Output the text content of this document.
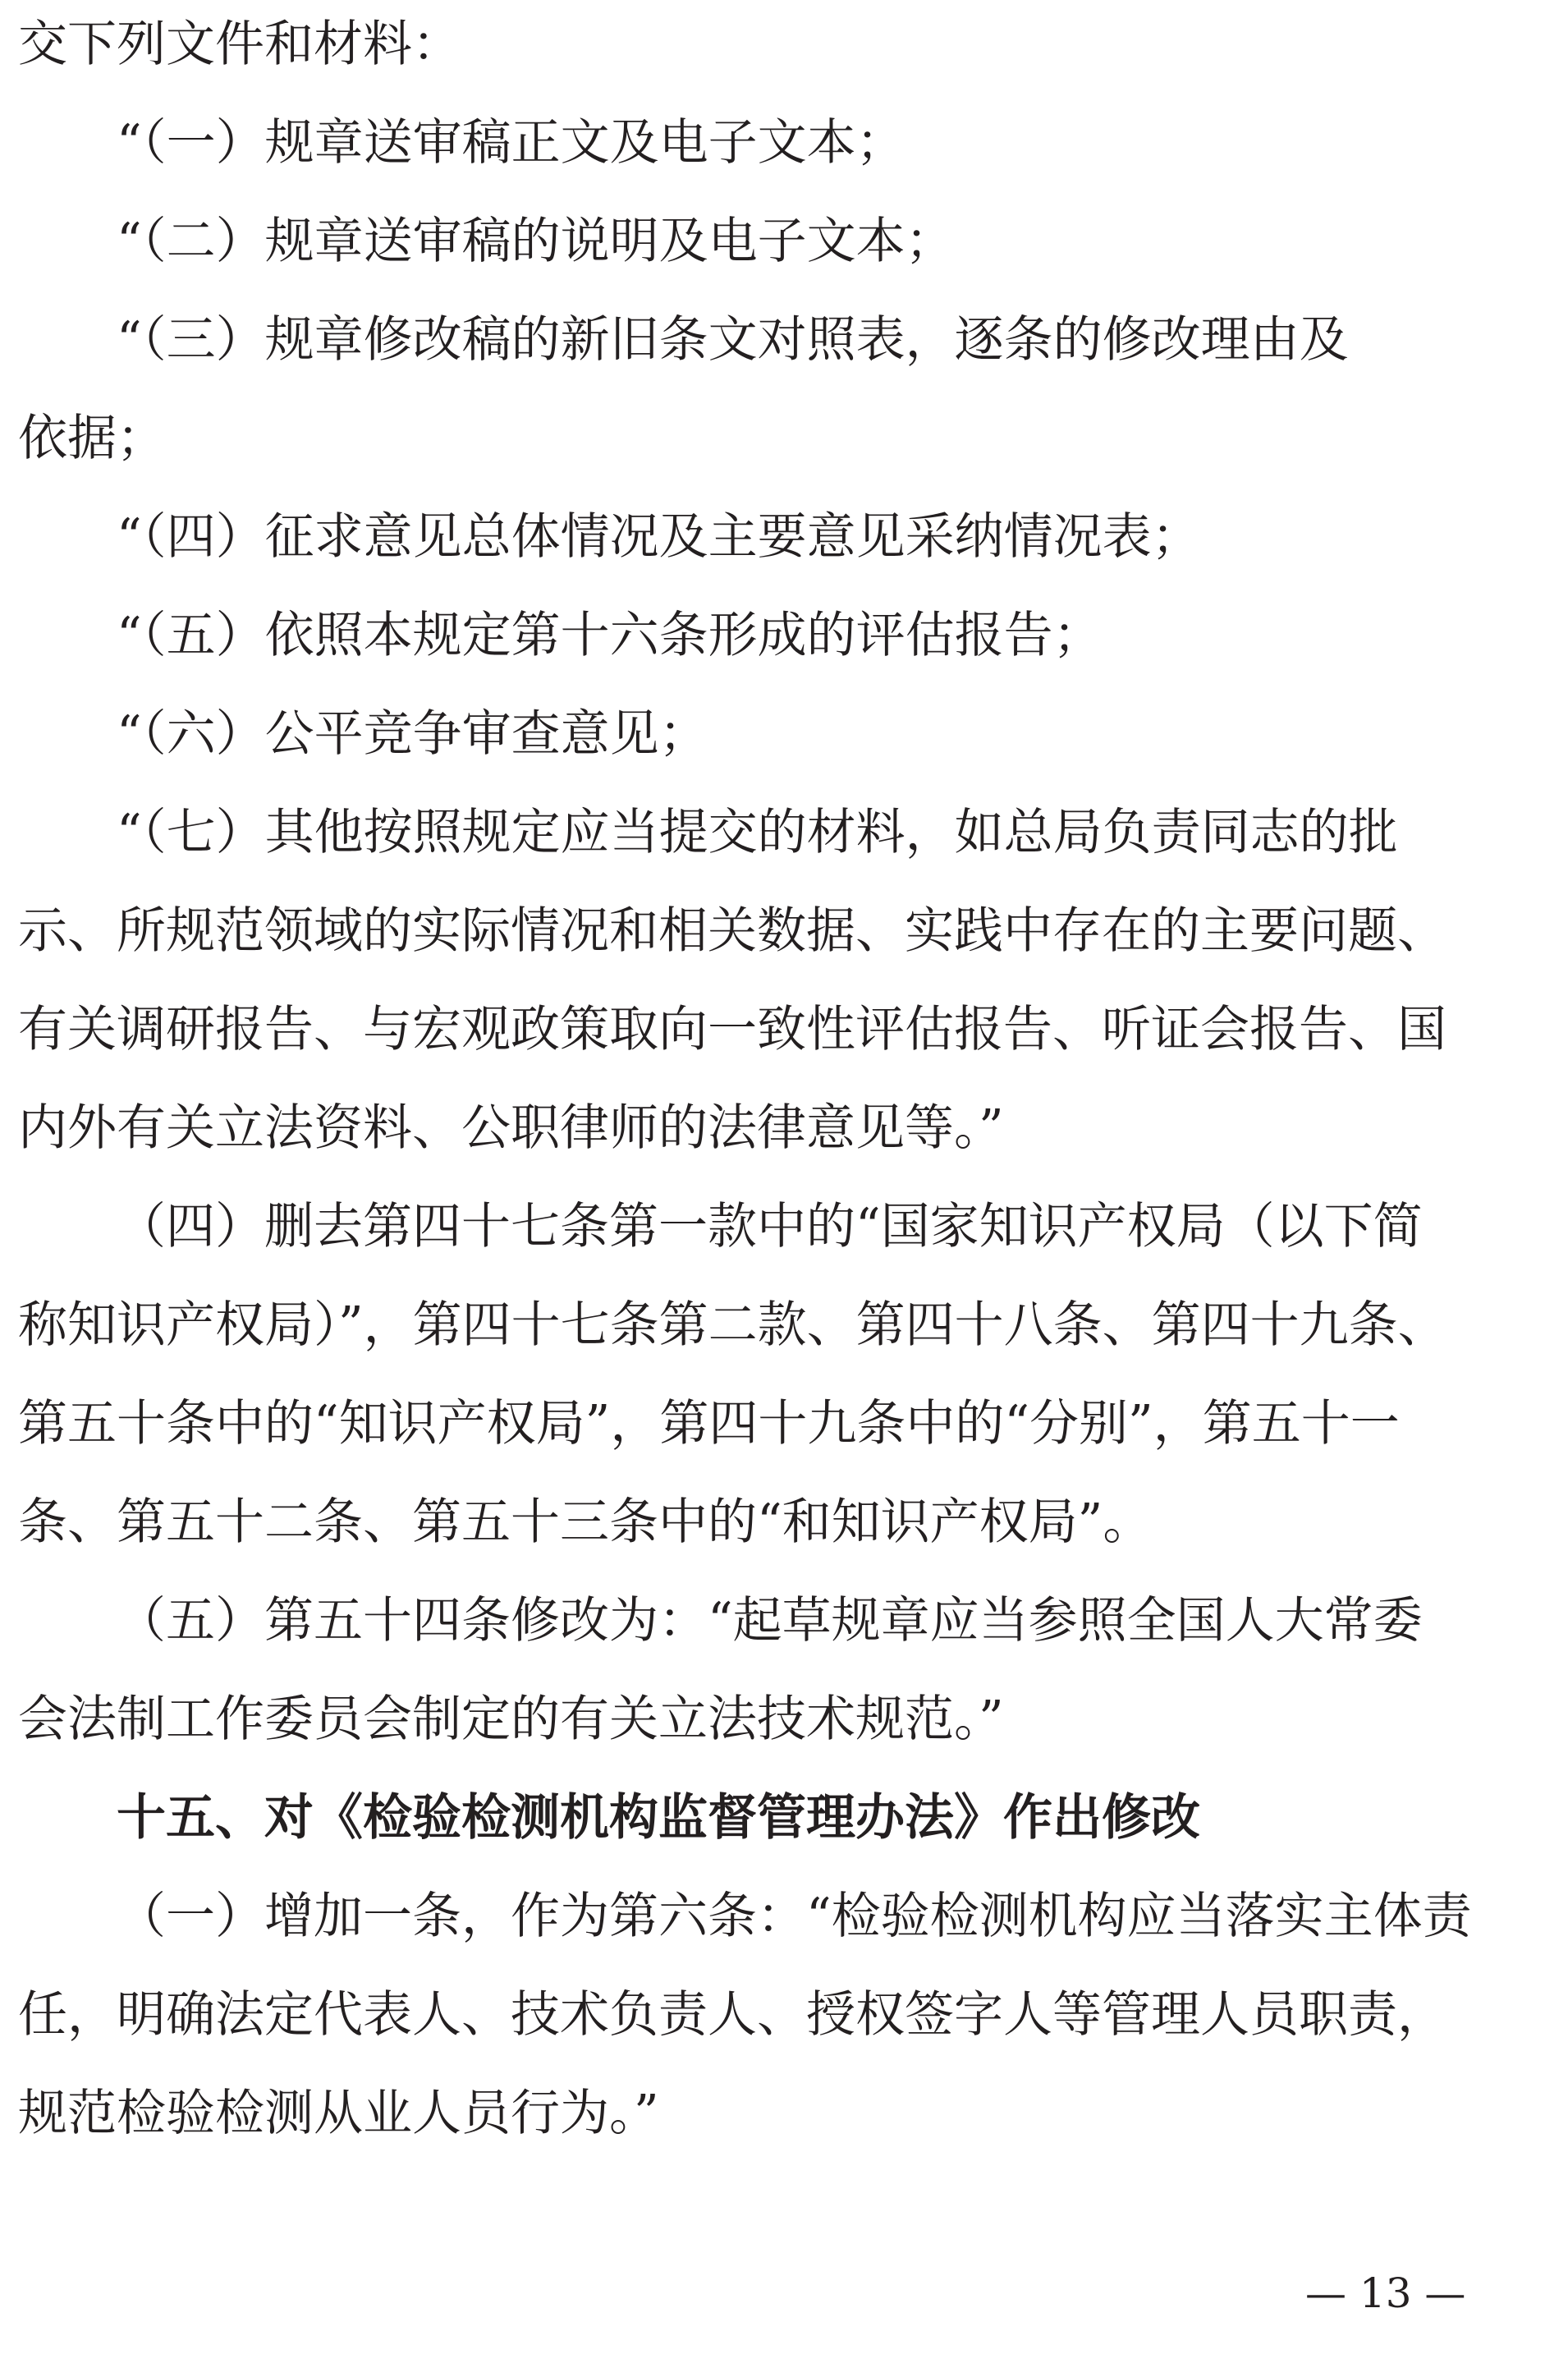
交下列文件和材料：
“（一）规章送审稿正文及电子文本；
“（二）规章送审稿的说明及电子文本；
“（三）规章修改稿的新旧条文对照表，逐条的修改理由及
依据；
“（四）征求意见总体情况及主要意见采纳情况表；
“（五）依照本规定第十六条形成的评估报告；
“（六）公平竞争审查意见；
“（七）其他按照规定应当提交的材料，如总局负责同志的批
示、所规范领域的实际情况和相关数据、实践中存在的主要问题、
有关调研报告、与宏观政策取向一致性评估报告、听证会报告、国
内外有关立法资料、公职律师的法律意见等。”
（四）删去第四十七条第一款中的“国家知识产权局（以下简
称知识产权局）”，第四十七条第二款、第四十八条、第四十九条、
第五十条中的“知识产权局”，第四十九条中的“分别”，第五十一
条、第五十二条、第五十三条中的“和知识产权局”。
（五）第五十四条修改为：“起草规章应当参照全国人大常委
会法制工作委员会制定的有关立法技术规范。”
十五、对《检验检测机构监督管理办法》作出修改
（一）增加一条，作为第六条：“检验检测机构应当落实主体责
任，明确法定代表人、技术负责人、授权签字人等管理人员职责，
规范检验检测从业人员行为。”
— 13 —
